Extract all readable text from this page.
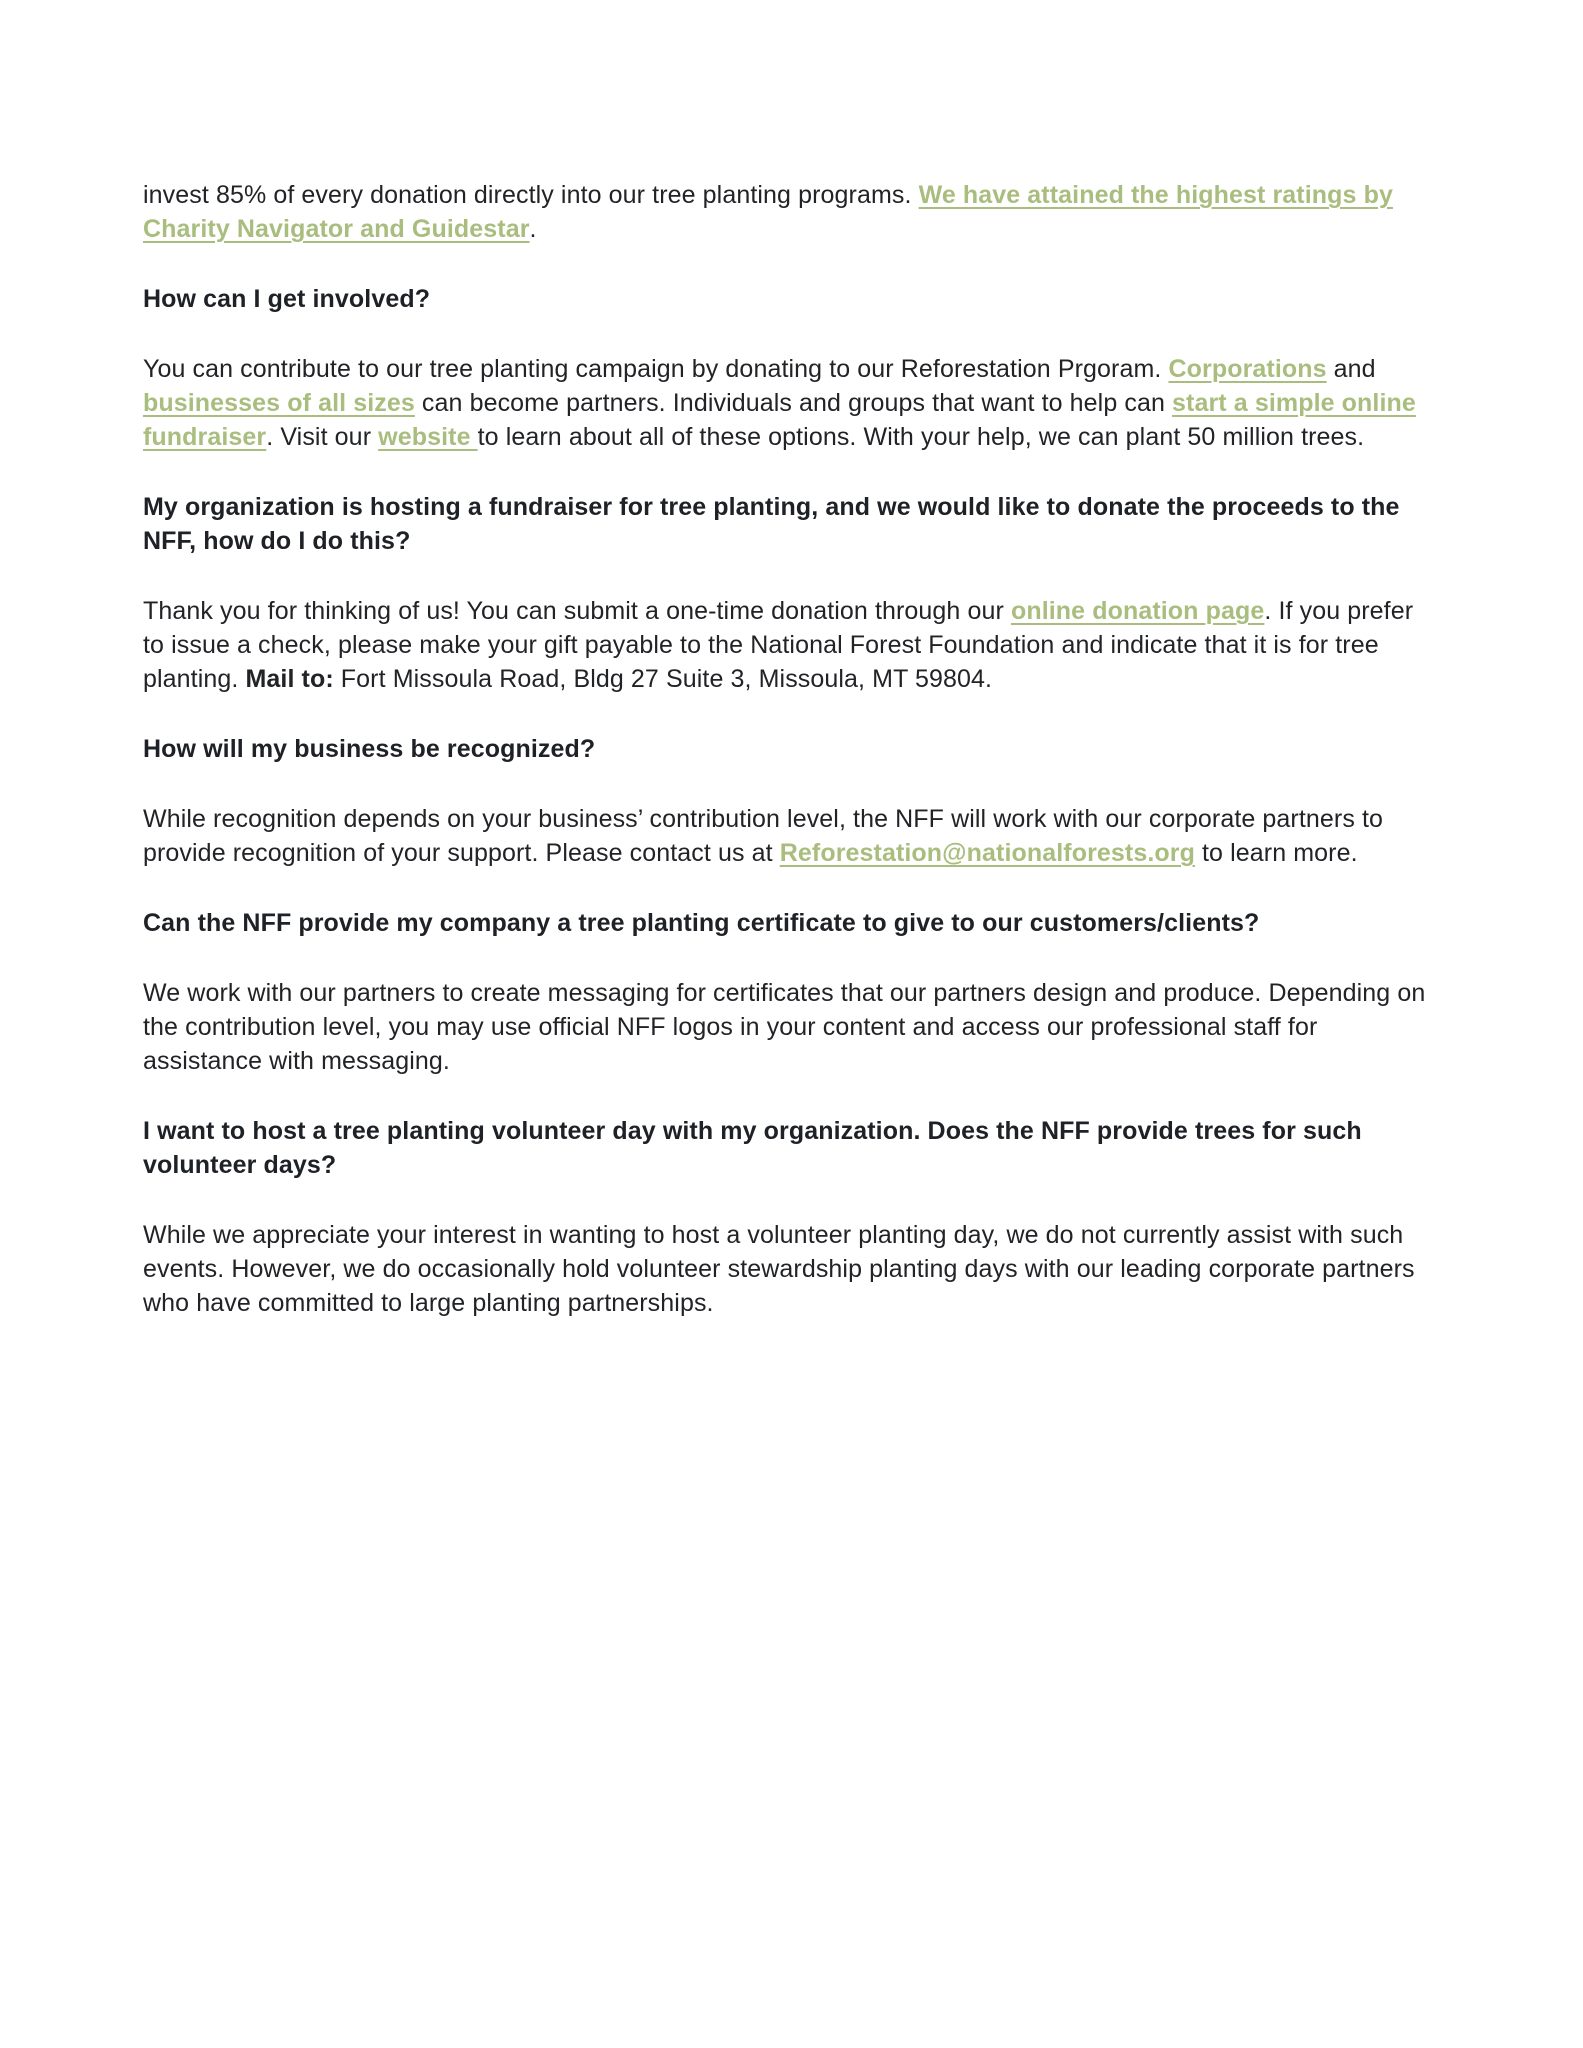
invest 85% of every donation directly into our tree planting programs. We have attained the highest ratings by Charity Navigator and Guidestar.

How can I get involved?

You can contribute to our tree planting campaign by donating to our Reforestation Prgoram. Corporations and businesses of all sizes can become partners. Individuals and groups that want to help can start a simple online fundraiser. Visit our website to learn about all of these options. With your help, we can plant 50 million trees.

My organization is hosting a fundraiser for tree planting, and we would like to donate the proceeds to the NFF, how do I do this?

Thank you for thinking of us! You can submit a one-time donation through our online donation page. If you prefer to issue a check, please make your gift payable to the National Forest Foundation and indicate that it is for tree planting. Mail to: Fort Missoula Road, Bldg 27 Suite 3, Missoula, MT 59804.

How will my business be recognized?

While recognition depends on your business’ contribution level, the NFF will work with our corporate partners to provide recognition of your support. Please contact us at Reforestation@nationalforests.org to learn more.

Can the NFF provide my company a tree planting certificate to give to our customers/clients?

We work with our partners to create messaging for certificates that our partners design and produce. Depending on the contribution level, you may use official NFF logos in your content and access our professional staff for assistance with messaging.

I want to host a tree planting volunteer day with my organization. Does the NFF provide trees for such volunteer days?

While we appreciate your interest in wanting to host a volunteer planting day, we do not currently assist with such events. However, we do occasionally hold volunteer stewardship planting days with our leading corporate partners who have committed to large planting partnerships.
